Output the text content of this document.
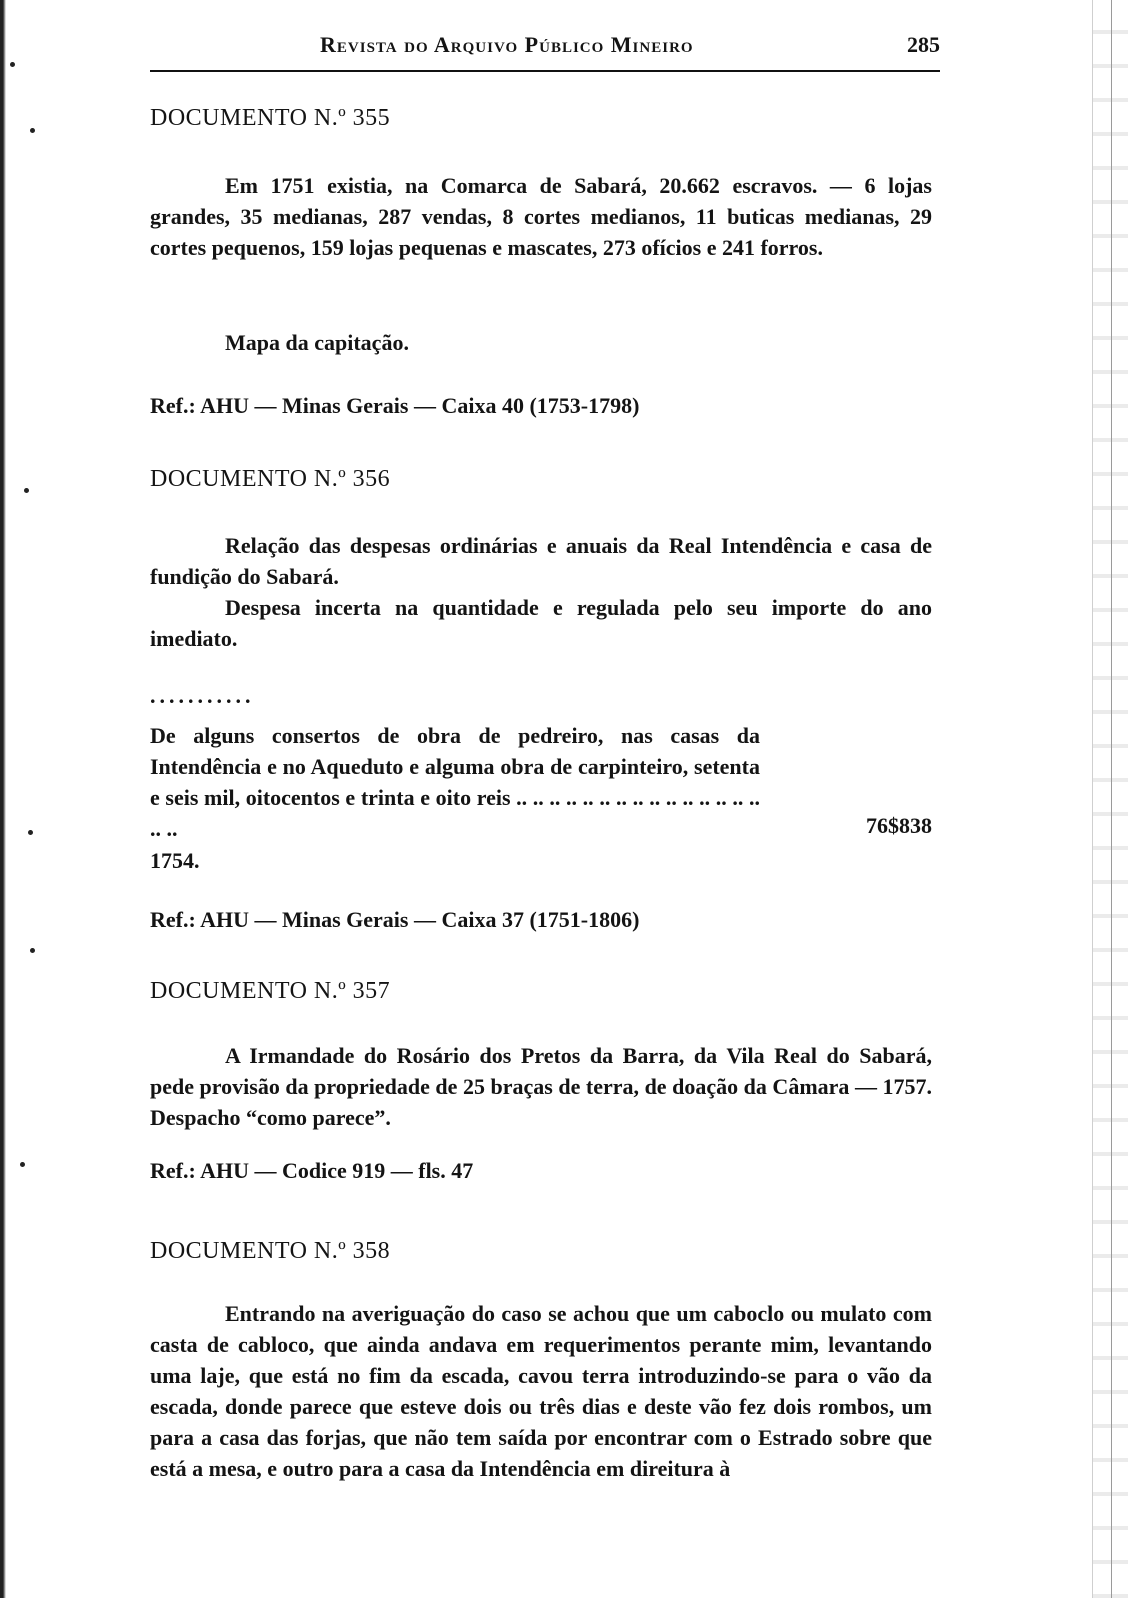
Revista do Arquivo Público Mineiro	285
DOCUMENTO N.º 355

Em 1751 existia, na Comarca de Sabará, 20.662 escravos. — 6 lojas grandes, 35 medianas, 287 vendas, 8 cortes medianos, 11 buticas medianas, 29 cortes pequenos, 159 lojas pequenas e mascates, 273 ofícios e 241 forros.

Mapa da capitação.

Ref.: AHU — Minas Gerais — Caixa 40 (1753-1798)
DOCUMENTO N.º 356

Relação das despesas ordinárias e anuais da Real Intendência e casa de fundição do Sabará.

Despesa incerta na quantidade e regulada pelo seu importe do ano imediato.

...........

De alguns consertos de obra de pedreiro, nas casas da Intendência e no Aqueduto e alguma obra de carpinteiro, setenta e seis mil, oitocentos e trinta e oito reis .. .. .. .. .. .. .. .. .. .. .. .. .. .. .. .. ..	76$838
1754.
Ref.: AHU — Minas Gerais — Caixa 37 (1751-1806)
DOCUMENTO N.º 357

A Irmandade do Rosário dos Pretos da Barra, da Vila Real do Sabará, pede provisão da propriedade de 25 braças de terra, de doação da Câmara — 1757. Despacho “como parece”.

Ref.: AHU — Codice 919 — fls. 47
DOCUMENTO N.º 358

Entrando na averiguação do caso se achou que um caboclo ou mulato com casta de cabloco, que ainda andava em requerimentos perante mim, levantando uma laje, que está no fim da escada, cavou terra introduzindo-se para o vão da escada, donde parece que esteve dois ou três dias e deste vão fez dois rombos, um para a casa das forjas, que não tem saída por encontrar com o Estrado sobre que está a mesa, e outro para a casa da Intendência em direitura à
